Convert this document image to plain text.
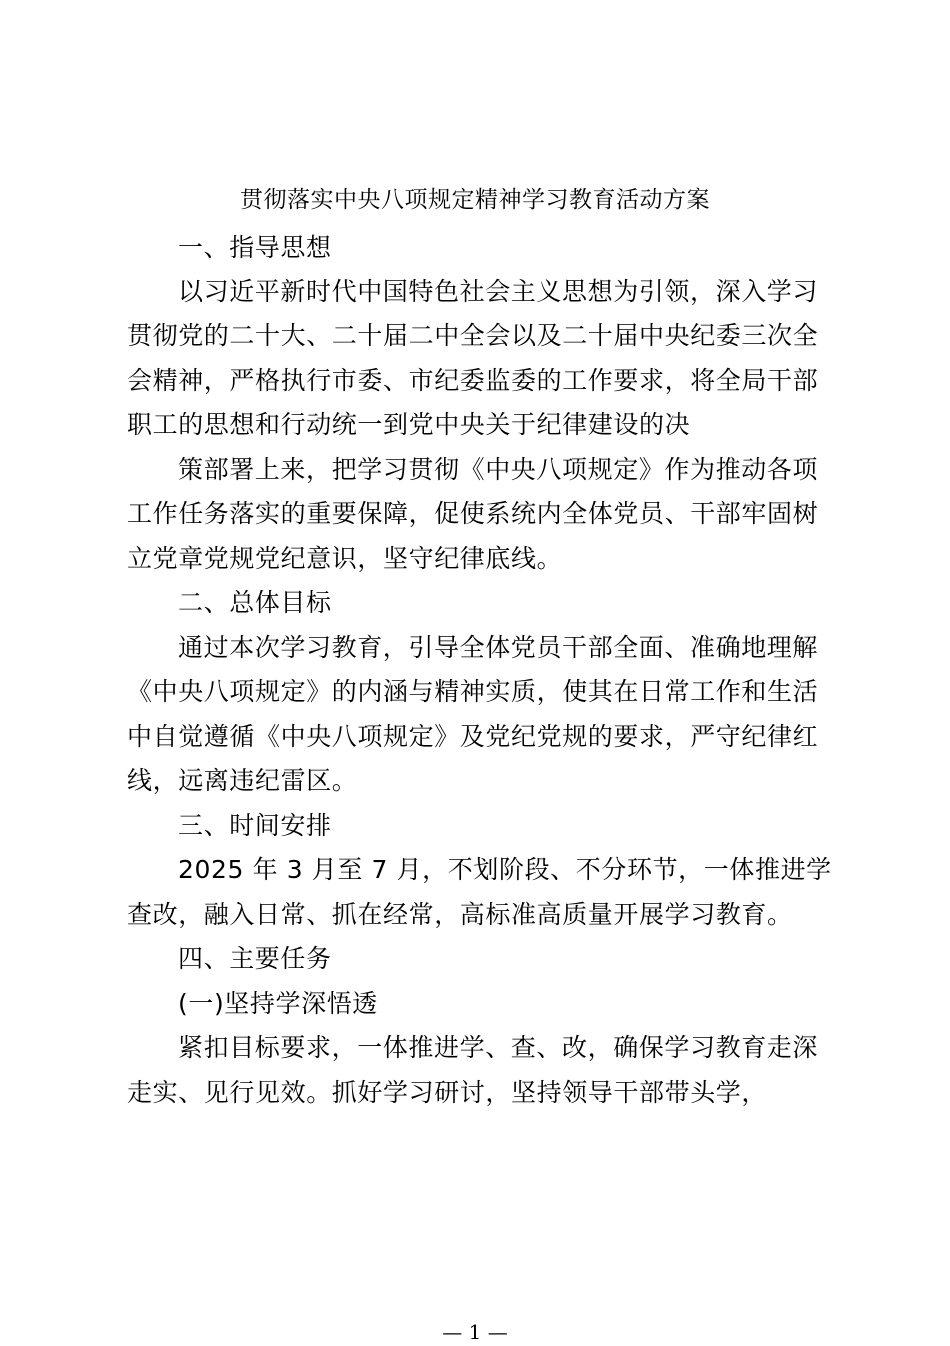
贯彻落实中央八项规定精神学习教育活动方案
一、指导思想
以习近平新时代中国特色社会主义思想为引领，深入学习
贯彻党的二十大、二十届二中全会以及二十届中央纪委三次全
会精神，严格执行市委、市纪委监委的工作要求，将全局干部
职工的思想和行动统一到党中央关于纪律建设的决
策部署上来，把学习贯彻《中央八项规定》作为推动各项
工作任务落实的重要保障，促使系统内全体党员、干部牢固树
立党章党规党纪意识，坚守纪律底线。
二、总体目标
通过本次学习教育，引导全体党员干部全面、准确地理解
《中央八项规定》的内涵与精神实质，使其在日常工作和生活
中自觉遵循《中央八项规定》及党纪党规的要求，严守纪律红
线，远离违纪雷区。
三、时间安排
2025 年 3 月至 7 月，不划阶段、不分环节，一体推进学
查改，融入日常、抓在经常，高标准高质量开展学习教育。
四、主要任务
(一)坚持学深悟透
紧扣目标要求，一体推进学、查、改，确保学习教育走深
走实、见行见效。抓好学习研讨，坚持领导干部带头学，
— 1 —
